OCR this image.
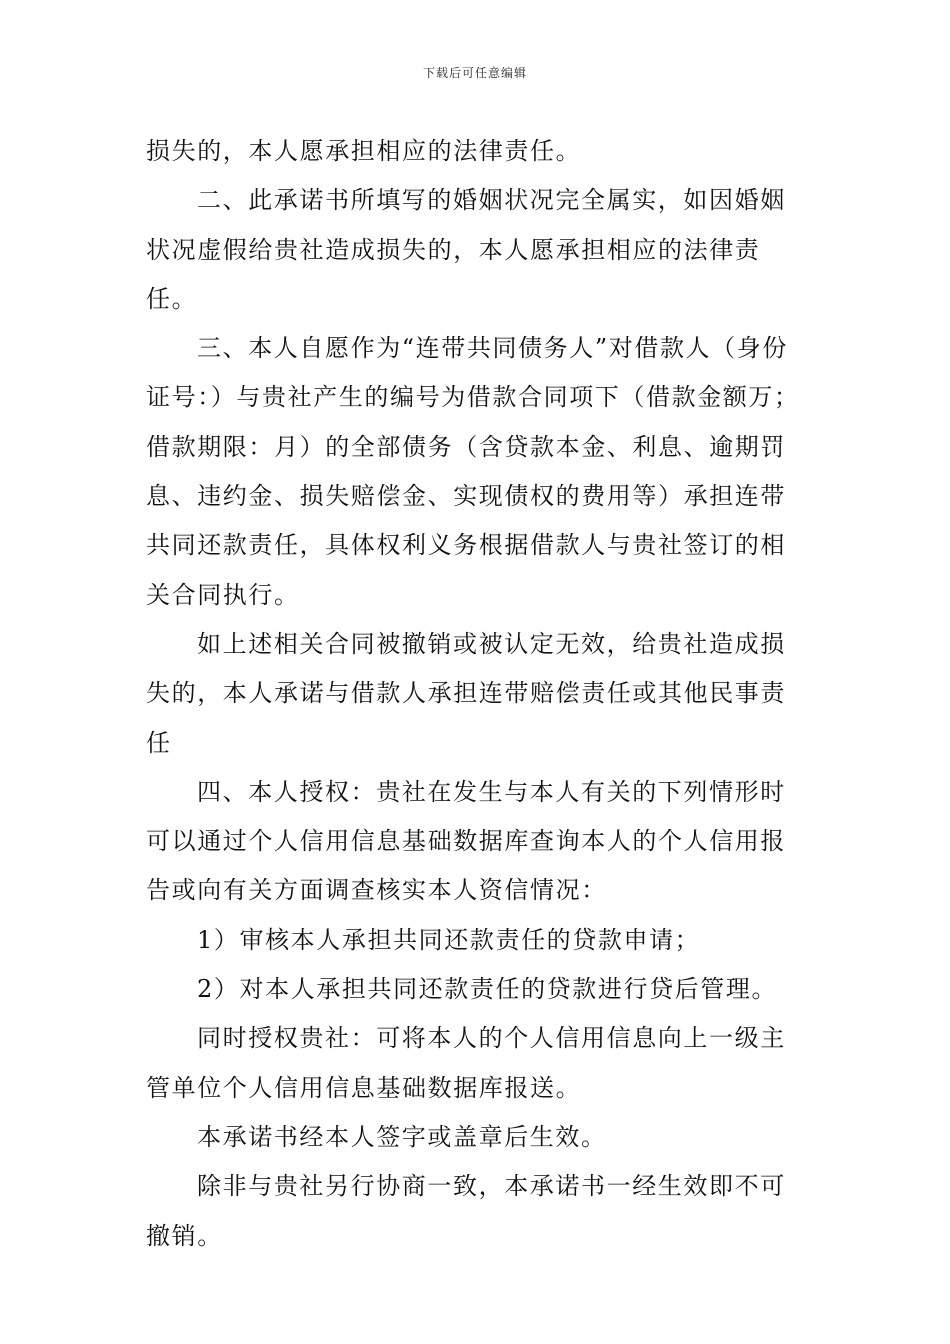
下载后可任意编辑

损失的，本人愿承担相应的法律责任。

二、此承诺书所填写的婚姻状况完全属实，如因婚姻状况虚假给贵社造成损失的，本人愿承担相应的法律责任。

三、本人自愿作为“连带共同债务人”对借款人（身份证号：）与贵社产生的编号为借款合同项下（借款金额万；借款期限：月）的全部债务（含贷款本金、利息、逾期罚息、违约金、损失赔偿金、实现债权的费用等）承担连带共同还款责任，具体权利义务根据借款人与贵社签订的相关合同执行。

如上述相关合同被撤销或被认定无效，给贵社造成损失的，本人承诺与借款人承担连带赔偿责任或其他民事责任

四、本人授权：贵社在发生与本人有关的下列情形时可以通过个人信用信息基础数据库查询本人的个人信用报告或向有关方面调查核实本人资信情况：

1）审核本人承担共同还款责任的贷款申请；

2）对本人承担共同还款责任的贷款进行贷后管理。

同时授权贵社：可将本人的个人信用信息向上一级主管单位个人信用信息基础数据库报送。

本承诺书经本人签字或盖章后生效。

除非与贵社另行协商一致，本承诺书一经生效即不可撤销。
